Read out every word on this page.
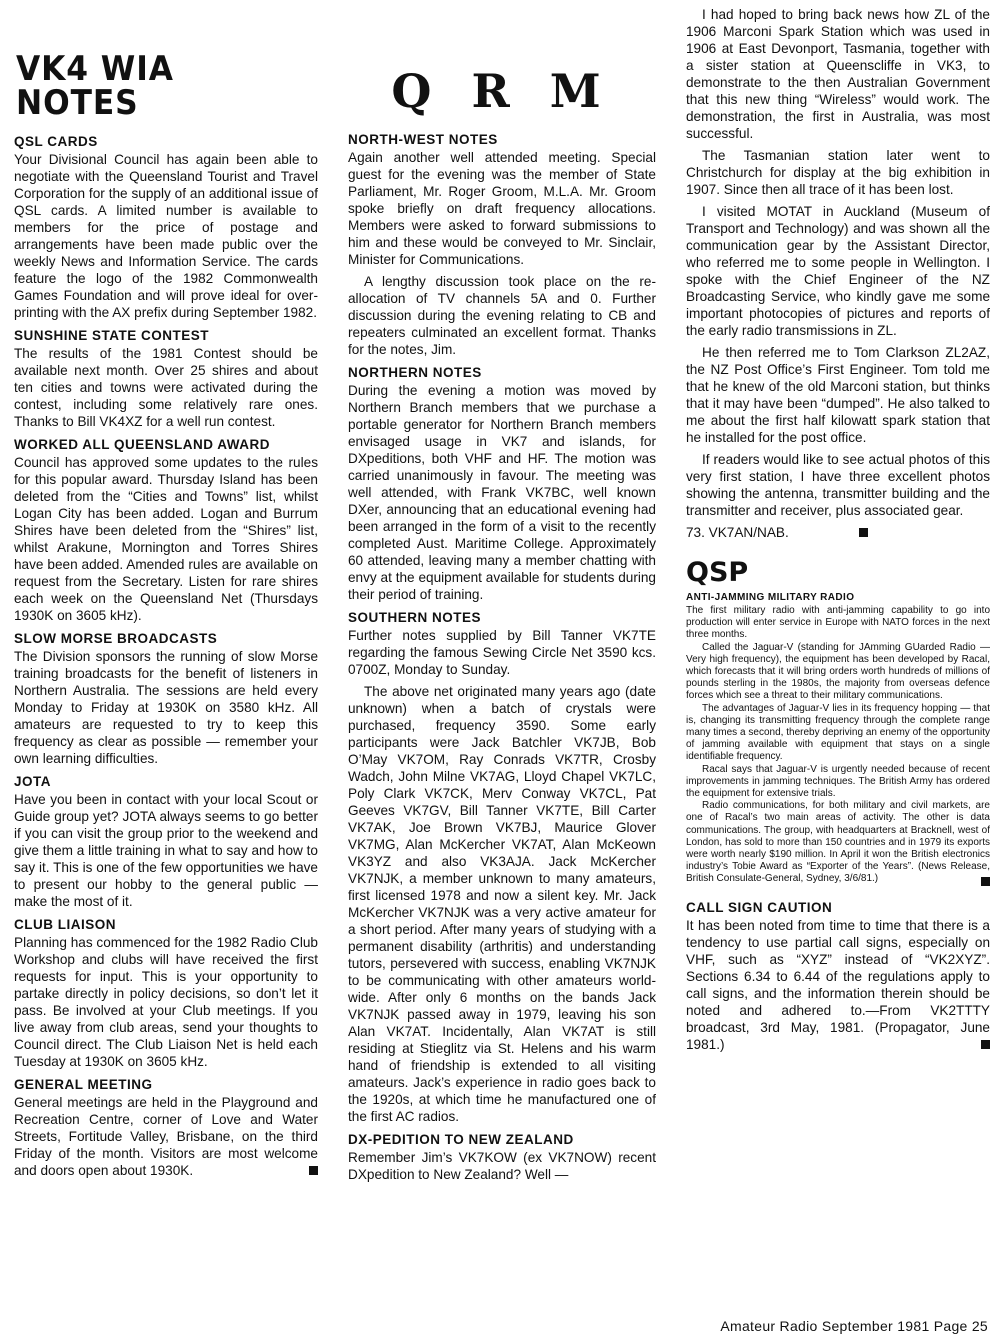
VK4 WIA NOTES
QSL CARDS

Your Divisional Council has again been able to negotiate with the Queensland Tourist and Travel Corporation for the supply of an additional issue of QSL cards. A limited number is available to members for the price of postage and arrangements have been made public over the weekly News and Information Service. The cards feature the logo of the 1982 Commonwealth Games Foundation and will prove ideal for over-printing with the AX prefix during September 1982.

SUNSHINE STATE CONTEST

The results of the 1981 Contest should be available next month. Over 25 shires and about ten cities and towns were activated during the contest, including some relatively rare ones. Thanks to Bill VK4XZ for a well run contest.

WORKED ALL QUEENSLAND AWARD

Council has approved some updates to the rules for this popular award. Thursday Island has been deleted from the “Cities and Towns” list, whilst Logan City has been added. Logan and Burrum Shires have been deleted from the “Shires” list, whilst Arakune, Mornington and Torres Shires have been added. Amended rules are available on request from the Secretary. Listen for rare shires each week on the Queensland Net (Thursdays 1930K on 3605 kHz).

SLOW MORSE BROADCASTS

The Division sponsors the running of slow Morse training broadcasts for the benefit of listeners in Northern Australia. The sessions are held every Monday to Friday at 1930K on 3580 kHz. All amateurs are requested to try to keep this frequency as clear as possible — remember your own learning difficulties.

JOTA

Have you been in contact with your local Scout or Guide group yet? JOTA always seems to go better if you can visit the group prior to the weekend and give them a little training in what to say and how to say it. This is one of the few opportunities we have to present our hobby to the general public — make the most of it.

CLUB LIAISON

Planning has commenced for the 1982 Radio Club Workshop and clubs will have received the first requests for input. This is your opportunity to partake directly in policy decisions, so don’t let it pass. Be involved at your Club meetings. If you live away from club areas, send your thoughts to Council direct. The Club Liaison Net is held each Tuesday at 1930K on 3605 kHz.

GENERAL MEETING

General meetings are held in the Playground and Recreation Centre, corner of Love and Water Streets, Fortitude Valley, Brisbane, on the third Friday of the month. Visitors are most welcome and doors open about 1930K.

Q R M
NORTH-WEST NOTES

Again another well attended meeting. Special guest for the evening was the member of State Parliament, Mr. Roger Groom, M.L.A. Mr. Groom spoke briefly on draft frequency allocations. Members were asked to forward submissions to him and these would be conveyed to Mr. Sinclair, Minister for Communications.

A lengthy discussion took place on the re-allocation of TV channels 5A and 0. Further discussion during the evening relating to CB and repeaters culminated an excellent format. Thanks for the notes, Jim.

NORTHERN NOTES

During the evening a motion was moved by Northern Branch members that we purchase a portable generator for Northern Branch members envisaged usage in VK7 and islands, for DXpeditions, both VHF and HF. The motion was carried unanimously in favour. The meeting was well attended, with Frank VK7BC, well known DXer, announcing that an educational evening had been arranged in the form of a visit to the recently completed Aust. Maritime College. Approximately 60 attended, leaving many a member chatting with envy at the equipment available for students during their period of training.

SOUTHERN NOTES

Further notes supplied by Bill Tanner VK7TE regarding the famous Sewing Circle Net 3590 kcs. 0700Z, Monday to Sunday.

The above net originated many years ago (date unknown) when a batch of crystals were purchased, frequency 3590. Some early participants were Jack Batchler VK7JB, Bob O’May VK7OM, Ray Conrads VK7TR, Crosby Wadch, John Milne VK7AG, Lloyd Chapel VK7LC, Poly Clark VK7CK, Merv Conway VK7CL, Pat Geeves VK7GV, Bill Tanner VK7TE, Bill Carter VK7AK, Joe Brown VK7BJ, Maurice Glover VK7MG, Alan McKercher VK7AT, Alan McKeown VK3YZ and also VK3AJA. Jack McKercher VK7NJK, a member unknown to many amateurs, first licensed 1978 and now a silent key. Mr. Jack McKercher VK7NJK was a very active amateur for a short period. After many years of studying with a permanent disability (arthritis) and understanding tutors, persevered with success, enabling VK7NJK to be communicating with other amateurs world-wide. After only 6 months on the bands Jack VK7NJK passed away in 1979, leaving his son Alan VK7AT. Incidentally, Alan VK7AT is still residing at Stieglitz via St. Helens and his warm hand of friendship is extended to all visiting amateurs. Jack’s experience in radio goes back to the 1920s, at which time he manufactured one of the first AC radios.

DX-PEDITION TO NEW ZEALAND

Remember Jim’s VK7KOW (ex VK7NOW) recent DXpedition to New Zealand? Well —

I had hoped to bring back news how ZL of the 1906 Marconi Spark Station which was used in 1906 at East Devonport, Tasmania, together with a sister station at Queenscliffe in VK3, to demonstrate to the then Australian Government that this new thing “Wireless” would work. The demonstration, the first in Australia, was most successful.

The Tasmanian station later went to Christchurch for display at the big exhibition in 1907. Since then all trace of it has been lost.

I visited MOTAT in Auckland (Museum of Transport and Technology) and was shown all the communication gear by the Assistant Director, who referred me to some people in Wellington. I spoke with the Chief Engineer of the NZ Broadcasting Service, who kindly gave me some important photocopies of pictures and reports of the early radio transmissions in ZL.

He then referred me to Tom Clarkson ZL2AZ, the NZ Post Office’s First Engineer. Tom told me that he knew of the old Marconi station, but thinks that it may have been “dumped”. He also talked to me about the first half kilowatt spark station that he installed for the post office.

If readers would like to see actual photos of this very first station, I have three excellent photos showing the antenna, transmitter building and the transmitter and receiver, plus associated gear.

73. VK7AN/NAB.

QSP
ANTI-JAMMING MILITARY RADIO

The first military radio with anti-jamming capability to go into production will enter service in Europe with NATO forces in the next three months.

Called the Jaguar-V (standing for JAmming GUarded Radio — Very high frequency), the equipment has been developed by Racal, which forecasts that it will bring orders worth hundreds of millions of pounds sterling in the 1980s, the majority from overseas defence forces which see a threat to their military communications.

The advantages of Jaguar-V lies in its frequency hopping — that is, changing its transmitting frequency through the complete range many times a second, thereby depriving an enemy of the opportunity of jamming available with equipment that stays on a single identifiable frequency.

Racal says that Jaguar-V is urgently needed because of recent improvements in jamming techniques. The British Army has ordered the equipment for extensive trials.

Radio communications, for both military and civil markets, are one of Racal’s two main areas of activity. The other is data communications. The group, with headquarters at Bracknell, west of London, has sold to more than 150 countries and in 1979 its exports were worth nearly $190 million. In April it won the British electronics industry’s Tobie Award as “Exporter of the Years”. (News Release, British Consulate-General, Sydney, 3/6/81.)

CALL SIGN CAUTION

It has been noted from time to time that there is a tendency to use partial call signs, especially on VHF, such as “XYZ” instead of “VK2XYZ”. Sections 6.34 to 6.44 of the regulations apply to call signs, and the information therein should be noted and adhered to.—From VK2TTTY broadcast, 3rd May, 1981. (Propagator, June 1981.)

Amateur Radio September 1981 Page 25
